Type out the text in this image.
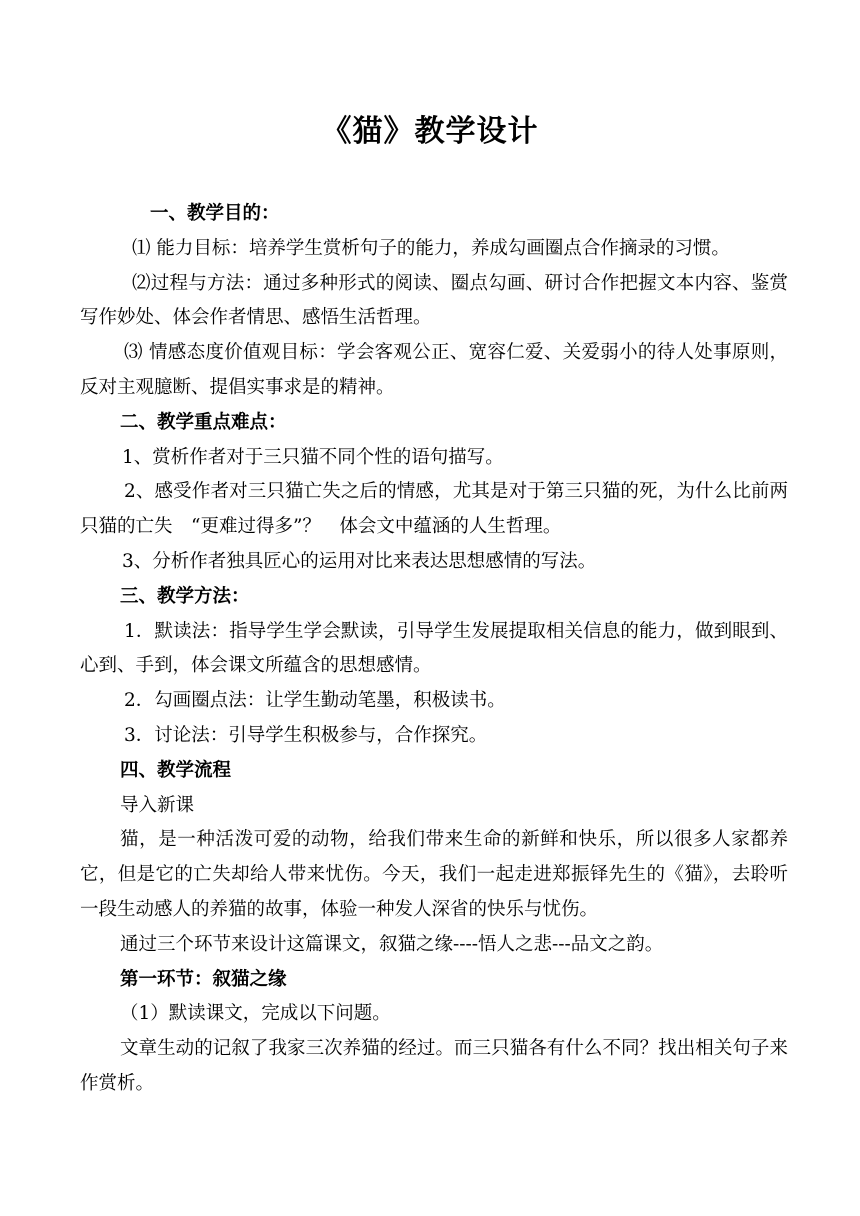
《猫》教学设计

一、教学目的：

⑴ 能力目标：培养学生赏析句子的能力，养成勾画圈点合作摘录的习惯。

⑵过程与方法：通过多种形式的阅读、圈点勾画、研讨合作把握文本内容、鉴赏写作妙处、体会作者情思、感悟生活哲理。

⑶ 情感态度价值观目标：学会客观公正、宽容仁爱、关爱弱小的待人处事原则，反对主观臆断、提倡实事求是的精神。

二、教学重点难点：

1、赏析作者对于三只猫不同个性的语句描写。

2、感受作者对三只猫亡失之后的情感，尤其是对于第三只猫的死，为什么比前两只猫的亡失　“更难过得多”？　体会文中蕴涵的人生哲理。

3、分析作者独具匠心的运用对比来表达思想感情的写法。

三、教学方法：

1．默读法：指导学生学会默读，引导学生发展提取相关信息的能力，做到眼到、心到、手到，体会课文所蕴含的思想感情。

2．勾画圈点法：让学生勤动笔墨，积极读书。

3．讨论法：引导学生积极参与，合作探究。

四、教学流程

导入新课

猫，是一种活泼可爱的动物，给我们带来生命的新鲜和快乐，所以很多人家都养它，但是它的亡失却给人带来忧伤。今天，我们一起走进郑振铎先生的《猫》，去聆听一段生动感人的养猫的故事，体验一种发人深省的快乐与忧伤。

通过三个环节来设计这篇课文，叙猫之缘----悟人之悲---品文之韵。

第一环节：叙猫之缘

（1）默读课文，完成以下问题。

文章生动的记叙了我家三次养猫的经过。而三只猫各有什么不同？找出相关句子来作赏析。
